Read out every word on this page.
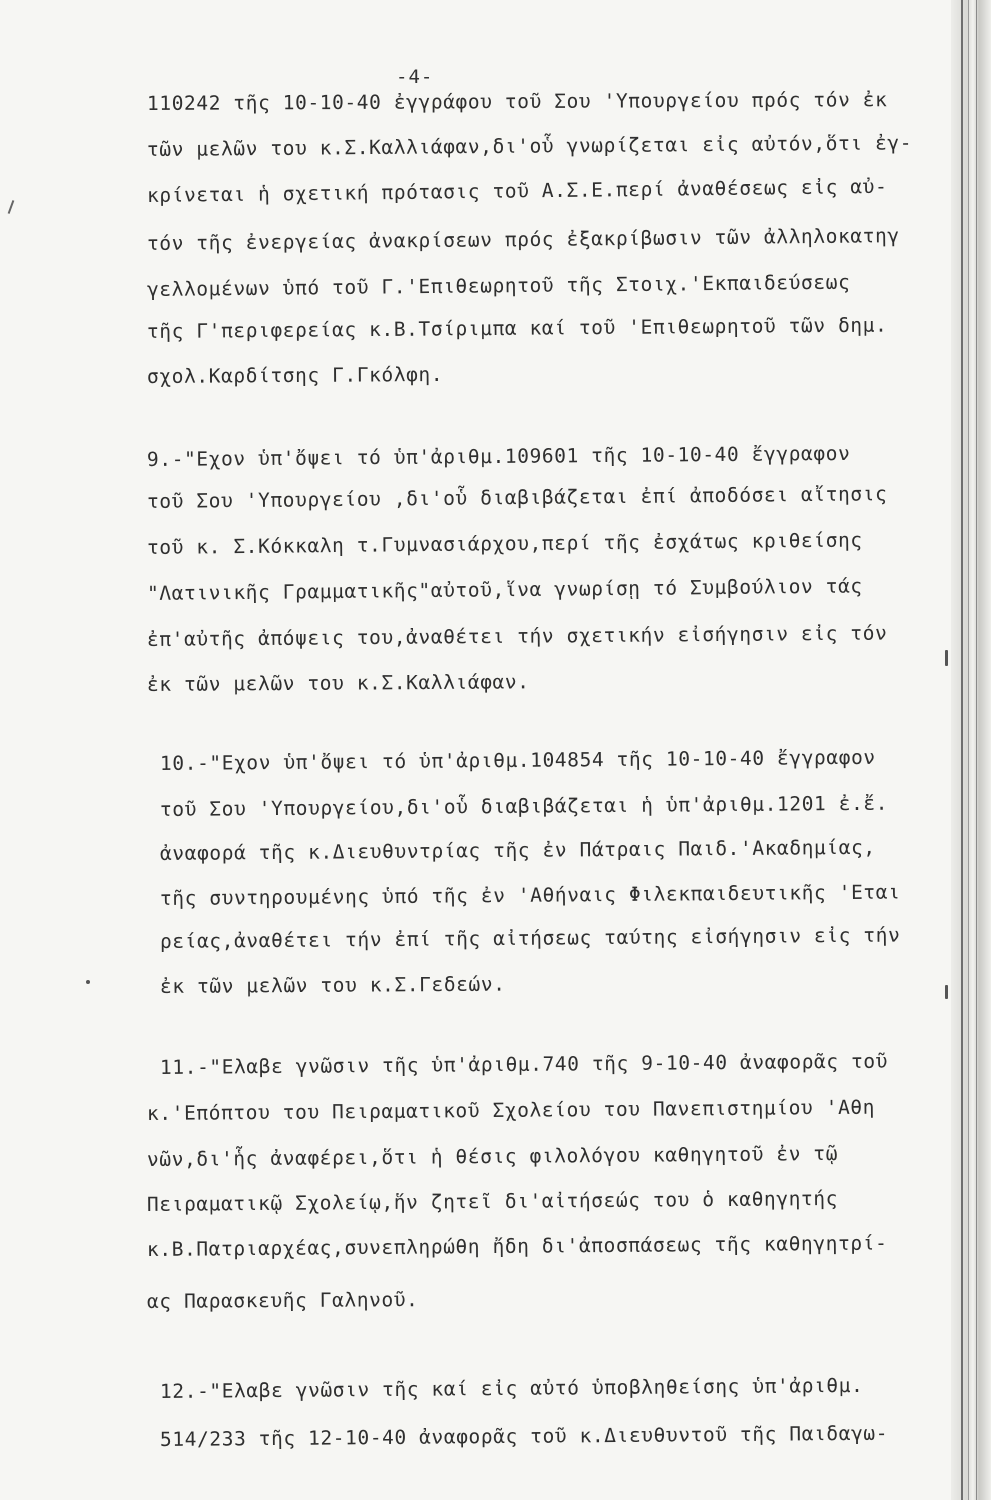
-4-
110242 τῆς 10-10-40 ἐγγράφου τοῦ Σου 'Υπουργείου πρός τόν ἐκ
τῶν μελῶν του κ.Σ.Καλλιάφαν,δι'οὗ γνωρίζεται εἰς αὐτόν,ὅτι ἐγ-
κρίνεται ἡ σχετική πρότασις τοῦ Α.Σ.Ε.περί ἀναθέσεως εἰς αὐ-
τόν τῆς ἐνεργείας ἀνακρίσεων πρός ἐξακρίβωσιν τῶν ἀλληλοκατηγ
γελλομένων ὑπό τοῦ Γ.'Επιθεωρητοῦ τῆς Στοιχ.'Εκπαιδεύσεως
τῆς Γ'περιφερείας κ.Β.Τσίριμπα καί τοῦ 'Επιθεωρητοῦ τῶν δημ.
σχολ.Καρδίτσης Γ.Γκόλφη.
9.-"Εχον ὑπ'ὄψει τό ὑπ'ἀριθμ.109601 τῆς 10-10-40 ἔγγραφον
τοῦ Σου 'Υπουργείου ,δι'οὗ διαβιβάζεται ἐπί ἀποδόσει αἴτησις
τοῦ κ. Σ.Κόκκαλη τ.Γυμνασιάρχου,περί τῆς ἐσχάτως κριθείσης
"Λατινικῆς Γραμματικῆς"αὐτοῦ,ἵνα γνωρίσῃ τό Συμβούλιον τάς
ἐπ'αὐτῆς ἀπόψεις του,ἀναθέτει τήν σχετικήν εἰσήγησιν εἰς τόν
ἐκ τῶν μελῶν του κ.Σ.Καλλιάφαν.
10.-"Εχον ὑπ'ὄψει τό ὑπ'ἀριθμ.104854 τῆς 10-10-40 ἔγγραφον
τοῦ Σου 'Υπουργείου,δι'οὗ διαβιβάζεται ἡ ὑπ'ἀριθμ.1201 ἐ.ἔ.
ἀναφορά τῆς κ.Διευθυντρίας τῆς ἐν Πάτραις Παιδ.'Ακαδημίας,
τῆς συντηρουμένης ὑπό τῆς ἐν 'Αθήναις Φιλεκπαιδευτικῆς 'Εται
ρείας,ἀναθέτει τήν ἐπί τῆς αἰτήσεως ταύτης εἰσήγησιν εἰς τήν
ἐκ τῶν μελῶν του κ.Σ.Γεδεών.
11.-"Ελαβε γνῶσιν τῆς ὑπ'ἀριθμ.740 τῆς 9-10-40 ἀναφορᾶς τοῦ
κ.'Επόπτου του Πειραματικοῦ Σχολείου του Πανεπιστημίου 'Αθη
νῶν,δι'ἧς ἀναφέρει,ὅτι ἡ θέσις φιλολόγου καθηγητοῦ ἐν τῷ
Πειραματικῷ Σχολείῳ,ἥν ζητεῖ δι'αἰτήσεώς του ὁ καθηγητής
κ.Β.Πατριαρχέας,συνεπληρώθη ἤδη δι'ἀποσπάσεως τῆς καθηγητρί-
ας Παρασκευῆς Γαληνοῦ.
12.-"Ελαβε γνῶσιν τῆς καί εἰς αὐτό ὑποβληθείσης ὑπ'ἀριθμ.
514/233 τῆς 12-10-40 ἀναφορᾶς τοῦ κ.Διευθυντοῦ τῆς Παιδαγω-
